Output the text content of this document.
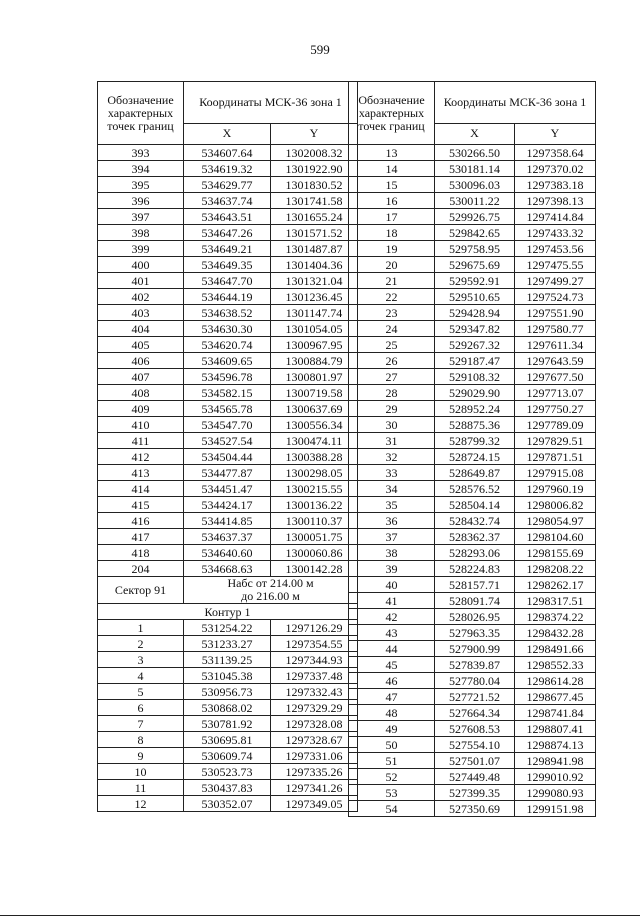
599
Обозначение характерных точек границ	Координаты МСК-36 зона 1	
	X	Y
393	534607.64	1302008.32
394	534619.32	1301922.90
395	534629.77	1301830.52
396	534637.74	1301741.58
397	534643.51	1301655.24
398	534647.26	1301571.52
399	534649.21	1301487.87
400	534649.35	1301404.36
401	534647.70	1301321.04
402	534644.19	1301236.45
403	534638.52	1301147.74
404	534630.30	1301054.05
405	534620.74	1300967.95
406	534609.65	1300884.79
407	534596.78	1300801.97
408	534582.15	1300719.58
409	534565.78	1300637.69
410	534547.70	1300556.34
411	534527.54	1300474.11
412	534504.44	1300388.28
413	534477.87	1300298.05
414	534451.47	1300215.55
415	534424.17	1300136.22
416	534414.85	1300110.37
417	534637.37	1300051.75
418	534640.60	1300060.86
204	534668.63	1300142.28
Сектор 91	Набс от 214.00 м до 216.00 м	

Контур 1		
1	531254.22	1297126.29
2	531233.27	1297354.55
3	531139.25	1297344.93
4	531045.38	1297337.48
5	530956.73	1297332.43
6	530868.02	1297329.29
7	530781.92	1297328.08
8	530695.81	1297328.67
9	530609.74	1297331.06
10	530523.73	1297335.26
11	530437.83	1297341.26
12	530352.07	1297349.05
Обозначение характерных точек границ	Координаты МСК-36 зона 1	
	X	Y
13	530266.50	1297358.64
14	530181.14	1297370.02
15	530096.03	1297383.18
16	530011.22	1297398.13
17	529926.75	1297414.84
18	529842.65	1297433.32
19	529758.95	1297453.56
20	529675.69	1297475.55
21	529592.91	1297499.27
22	529510.65	1297524.73
23	529428.94	1297551.90
24	529347.82	1297580.77
25	529267.32	1297611.34
26	529187.47	1297643.59
27	529108.32	1297677.50
28	529029.90	1297713.07
29	528952.24	1297750.27
30	528875.36	1297789.09
31	528799.32	1297829.51
32	528724.15	1297871.51
33	528649.87	1297915.08
34	528576.52	1297960.19
35	528504.14	1298006.82
36	528432.74	1298054.97
37	528362.37	1298104.60
38	528293.06	1298155.69
39	528224.83	1298208.22
40	528157.71	1298262.17
41	528091.74	1298317.51
42	528026.95	1298374.22
43	527963.35	1298432.28
44	527900.99	1298491.66
45	527839.87	1298552.33
46	527780.04	1298614.28
47	527721.52	1298677.45
48	527664.34	1298741.84
49	527608.53	1298807.41
50	527554.10	1298874.13
51	527501.07	1298941.98
52	527449.48	1299010.92
53	527399.35	1299080.93
54	527350.69	1299151.98
